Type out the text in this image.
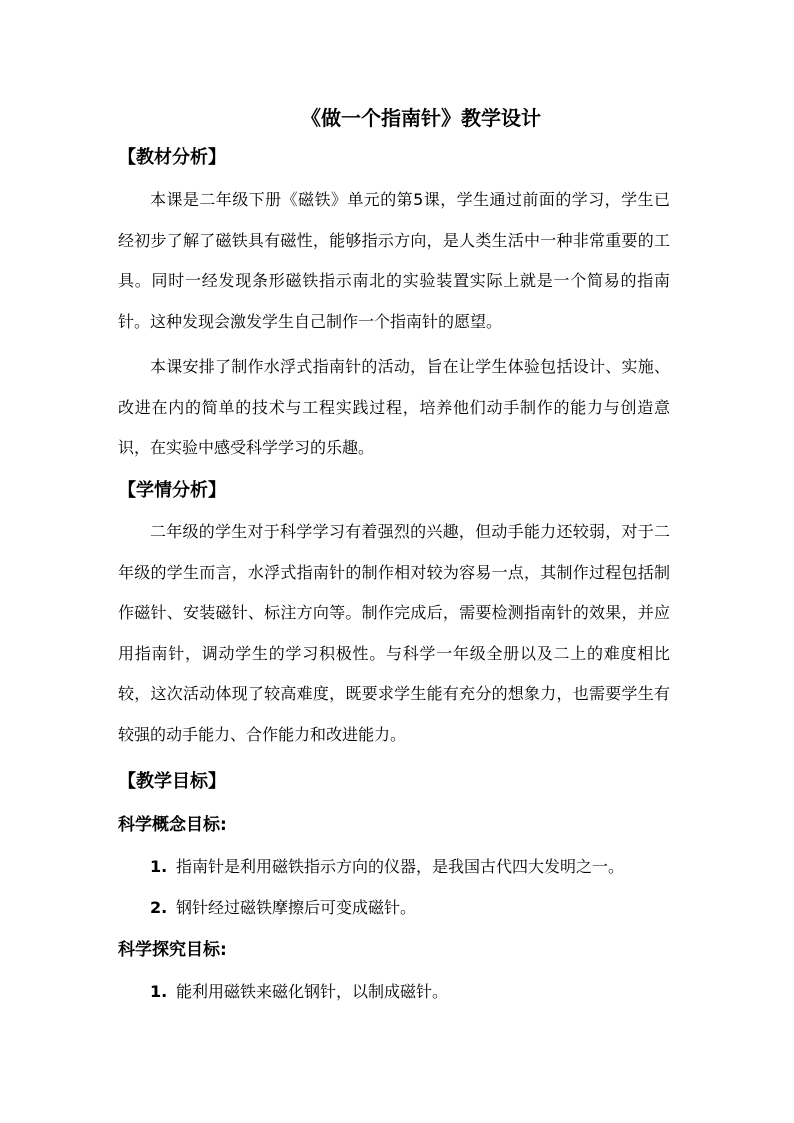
《做一个指南针》教学设计
【教材分析】

本课是二年级下册《磁铁》单元的第5课，学生通过前面的学习，学生已经初步了解了磁铁具有磁性，能够指示方向，是人类生活中一种非常重要的工具。同时一经发现条形磁铁指示南北的实验装置实际上就是一个简易的指南针。这种发现会激发学生自己制作一个指南针的愿望。

本课安排了制作水浮式指南针的活动，旨在让学生体验包括设计、实施、改进在内的简单的技术与工程实践过程，培养他们动手制作的能力与创造意识，在实验中感受科学学习的乐趣。

【学情分析】

二年级的学生对于科学学习有着强烈的兴趣，但动手能力还较弱，对于二年级的学生而言，水浮式指南针的制作相对较为容易一点，其制作过程包括制作磁针、安装磁针、标注方向等。制作完成后，需要检测指南针的效果，并应用指南针，调动学生的学习积极性。与科学一年级全册以及二上的难度相比较，这次活动体现了较高难度，既要求学生能有充分的想象力，也需要学生有较强的动手能力、合作能力和改进能力。

【教学目标】
科学概念目标:
1. 指南针是利用磁铁指示方向的仪器，是我国古代四大发明之一。
2. 钢针经过磁铁摩擦后可变成磁针。
科学探究目标:
1. 能利用磁铁来磁化钢针，以制成磁针。
